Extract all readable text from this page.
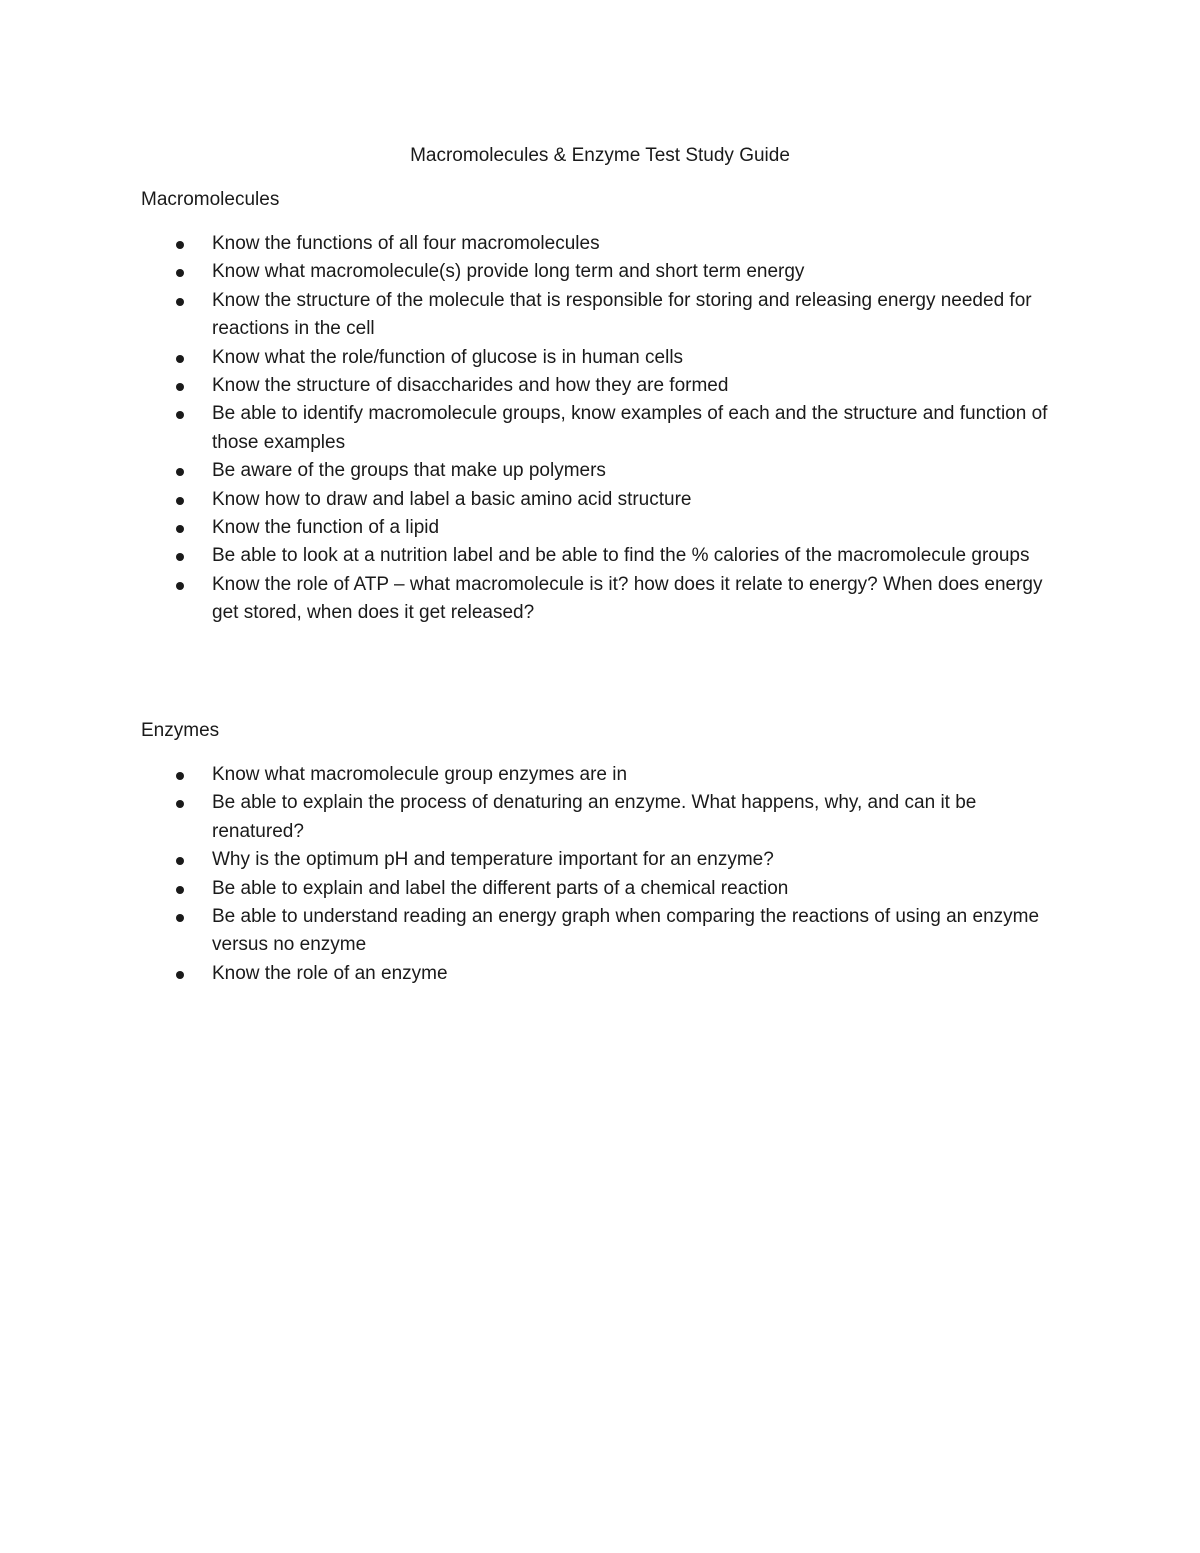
Macromolecules & Enzyme Test Study Guide
Macromolecules
Know the functions of all four macromolecules
Know what macromolecule(s) provide long term and short term energy
Know the structure of the molecule that is responsible for storing and releasing energy needed for reactions in the cell
Know what the role/function of glucose is in human cells
Know the structure of disaccharides and how they are formed
Be able to identify macromolecule groups, know examples of each and the structure and function of those examples
Be aware of the groups that make up polymers
Know how to draw and label a basic amino acid structure
Know the function of a lipid
Be able to look at a nutrition label and be able to find the % calories of the macromolecule groups
Know the role of ATP – what macromolecule is it? how does it relate to energy? When does energy get stored, when does it get released?
Enzymes
Know what macromolecule group enzymes are in
Be able to explain the process of denaturing an enzyme. What happens, why, and can it be renatured?
Why is the optimum pH and temperature important for an enzyme?
Be able to explain and label the different parts of a chemical reaction
Be able to understand reading an energy graph when comparing the reactions of using an enzyme versus no enzyme
Know the role of an enzyme
